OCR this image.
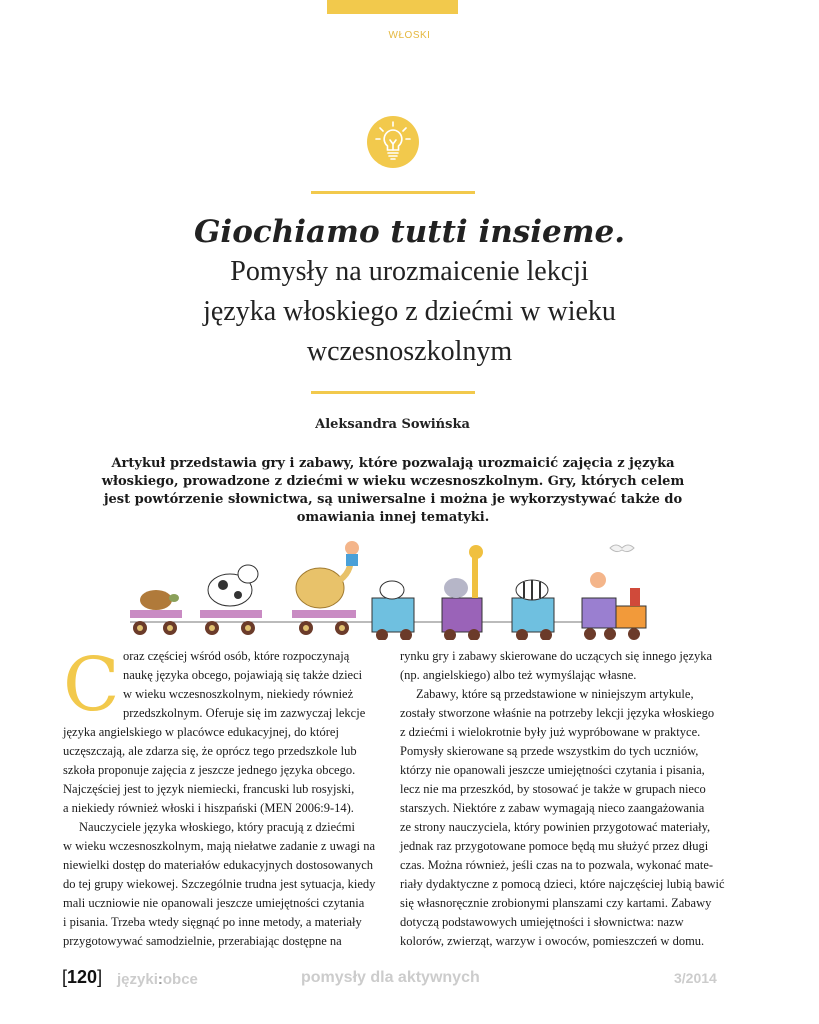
WŁOSKI
Giochiamo tutti insieme.
Pomysły na urozmaicenie lekcji
języka włoskiego z dziećmi w wieku
wczesnoszkolnym
Aleksandra Sowińska
Artykuł przedstawia gry i zabawy, które pozwalają urozmaicić zajęcia z języka
włoskiego, prowadzone z dziećmi w wieku wczesnoszkolnym. Gry, których celem
jest powtórzenie słownictwa, są uniwersalne i można je wykorzystywać także do
omawiania innej tematyki.
C oraz częściej wśród osób, które rozpoczynają
naukę języka obcego, pojawiają się także dzieci
w wieku wczesnoszkolnym, niekiedy również
przedszkolnym. Oferuje się im zazwyczaj lekcje
języka angielskiego w placówce edukacyjnej, do której
uczęszczają, ale zdarza się, że oprócz tego przedszkole lub
szkoła proponuje zajęcia z jeszcze jednego języka obcego.
Najczęściej jest to język niemiecki, francuski lub rosyjski,
a niekiedy również włoski i hiszpański (MEN 2006:9-14).
Nauczyciele języka włoskiego, który pracują z dziećmi
w wieku wczesnoszkolnym, mają niełatwe zadanie z uwagi na
niewielki dostęp do materiałów edukacyjnych dostosowanych
do tej grupy wiekowej. Szczególnie trudna jest sytuacja, kiedy
mali uczniowie nie opanowali jeszcze umiejętności czytania
i pisania. Trzeba wtedy sięgnąć po inne metody, a materiały
przygotowywać samodzielnie, przerabiając dostępne na
rynku gry i zabawy skierowane do uczących się innego języka
(np. angielskiego) albo też wymyślając własne.
Zabawy, które są przedstawione w niniejszym artykule,
zostały stworzone właśnie na potrzeby lekcji języka włoskiego
z dziećmi i wielokrotnie były już wypróbowane w praktyce.
Pomysły skierowane są przede wszystkim do tych uczniów,
którzy nie opanowali jeszcze umiejętności czytania i pisania,
lecz nie ma przeszkód, by stosować je także w grupach nieco
starszych. Niektóre z zabaw wymagają nieco zaangażowania
ze strony nauczyciela, który powinien przygotować materiały,
jednak raz przygotowane pomoce będą mu służyć przez długi
czas. Można również, jeśli czas na to pozwala, wykonać mate-
riały dydaktyczne z pomocą dzieci, które najczęściej lubią bawić
się własnoręcznie zrobionymi planszami czy kartami. Zabawy
dotyczą podstawowych umiejętności i słownictwa: nazw
kolorów, zwierząt, warzyw i owoców, pomieszczeń w domu.
[120] języki:obce	pomysły dla aktywnych	3/2014
